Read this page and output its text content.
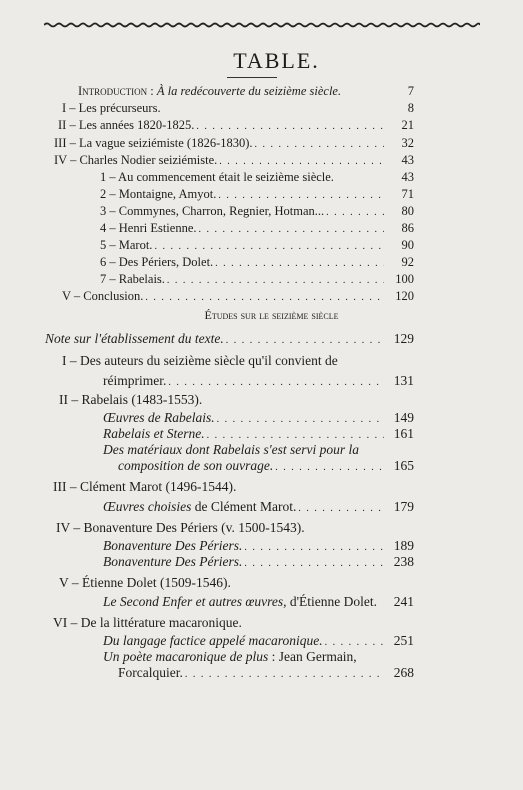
TABLE.
Introduction : À la redécouverte du seizième siècle.	7
I – Les précurseurs.	8
II – Les années 1820-1825. . . .	21
III – La vague seiziémiste (1826-1830). . . .	32
IV – Charles Nodier seiziémiste. . . .	43
1 – Au commencement était le seizième siècle.	43
2 – Montaigne, Amyot. . . .	71
3 – Commynes, Charron, Regnier, Hotman... . . .	80
4 – Henri Estienne. . . .	86
5 – Marot. . . .	90
6 – Des Périers, Dolet. . . .	92
7 – Rabelais. . . .	100
V – Conclusion. . . .	120
Études sur le seizième siècle
Note sur l'établissement du texte. . . .	129
I – Des auteurs du seizième siècle qu'il convient de
réimprimer. . . .	131
II – Rabelais (1483-1553).
Œuvres de Rabelais. . . .	149
Rabelais et Sterne. . . .	161
Des matériaux dont Rabelais s'est servi pour la
composition de son ouvrage. . . .	165
III – Clément Marot (1496-1544).
Œuvres choisies de Clément Marot. . . .	179
IV – Bonaventure Des Périers (v. 1500-1543).
Bonaventure Des Périers. . . .	189
Bonaventure Des Périers. . . .	238
V – Étienne Dolet (1509-1546).
Le Second Enfer et autres œuvres, d'Étienne Dolet.	241
VI – De la littérature macaronique.
Du langage factice appelé macaronique. . . .	251
Un poète macaronique de plus : Jean Germain,
Forcalquier. . . .	268
